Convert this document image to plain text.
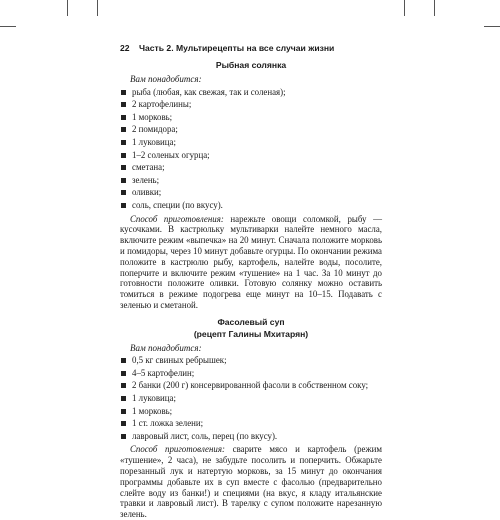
22 Часть 2. Мультирецепты на все случаи жизни
Рыбная солянка
Вам понадобится:
рыба (любая, как свежая, так и соленая);
2 картофелины;
1 морковь;
2 помидора;
1 луковица;
1–2 соленых огурца;
сметана;
зелень;
оливки;
соль, специи (по вкусу).

Способ приготовления: нарежьте овощи соломкой, рыбу — кусочками. В кастрюльку мультиварки налейте немного масла, включите режим «выпечка» на 20 минут. Сначала положите морковь и помидоры, через 10 минут добавьте огурцы. По окончании режима положите в кастрюлю рыбу, картофель, налейте воды, посолите, поперчите и включите режим «тушение» на 1 час. За 10 минут до готовности положите оливки. Готовую солянку можно оставить томиться в режиме подогрева еще минут на 10–15. Подавать с зеленью и сметаной.

Фасолевый суп
(рецепт Галины Мхитарян)
Вам понадобится:
0,5 кг свиных ребрышек;
4–5 картофелин;
2 банки (200 г) консервированной фасоли в собственном соку;
1 луковица;
1 морковь;
1 ст. ложка зелени;
лавровый лист, соль, перец (по вкусу).

Способ приготовления: сварите мясо и картофель (режим «тушение», 2 часа), не забудьте посолить и поперчить. Обжарьте порезанный лук и натертую морковь, за 15 минут до окончания программы добавьте их в суп вместе с фасолью (предварительно слейте воду из банки!) и специями (на вкус, я кладу итальянские травки и лавровый лист). В тарелку с супом положите нарезанную зелень.
